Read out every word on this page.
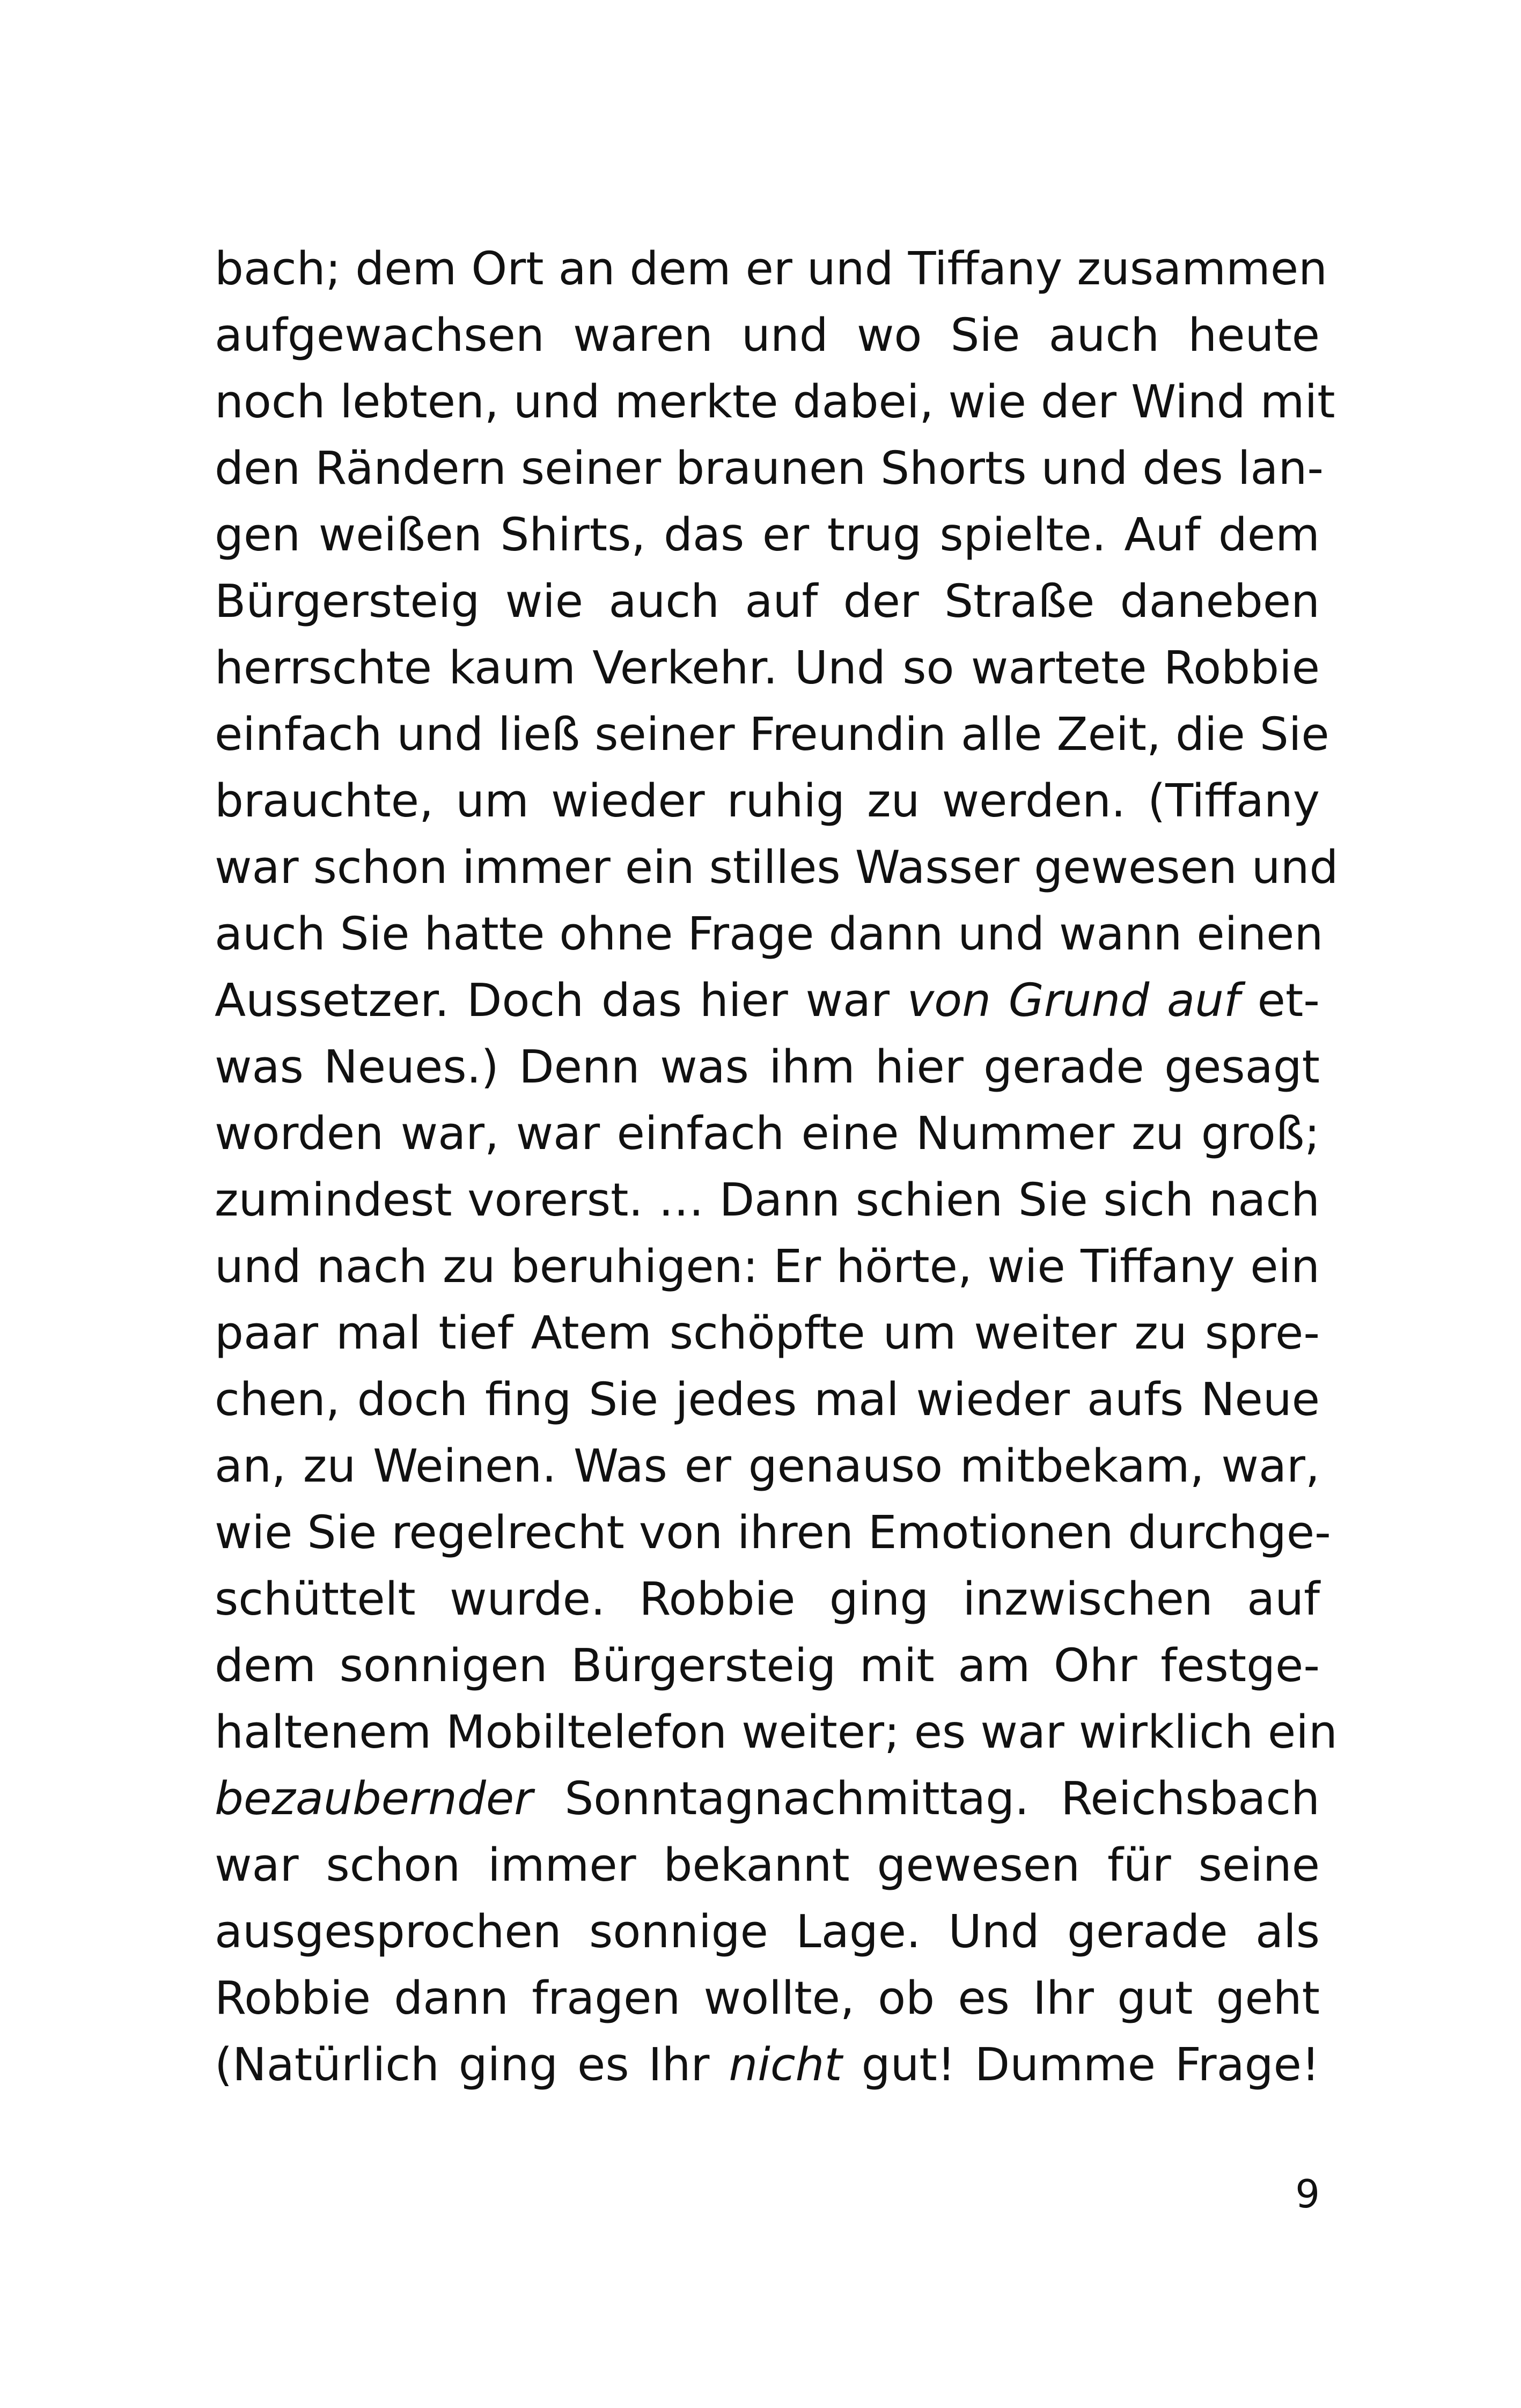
bach; dem Ort an dem er und Tiffany zusammen
aufgewachsen waren und wo Sie auch heute
noch lebten, und merkte dabei, wie der Wind mit
den Rändern seiner braunen Shorts und des lan-
gen weißen Shirts, das er trug spielte. Auf dem
Bürgersteig wie auch auf der Straße daneben
herrschte kaum Verkehr. Und so wartete Robbie
einfach und ließ seiner Freundin alle Zeit, die Sie
brauchte, um wieder ruhig zu werden. (Tiffany
war schon immer ein stilles Wasser gewesen und
auch Sie hatte ohne Frage dann und wann einen
Aussetzer. Doch das hier war von Grund auf et-
was Neues.) Denn was ihm hier gerade gesagt
worden war, war einfach eine Nummer zu groß;
zumindest vorerst. … Dann schien Sie sich nach
und nach zu beruhigen: Er hörte, wie Tiffany ein
paar mal tief Atem schöpfte um weiter zu spre-
chen, doch fing Sie jedes mal wieder aufs Neue
an, zu Weinen. Was er genauso mitbekam, war,
wie Sie regelrecht von ihren Emotionen durchge-
schüttelt wurde. Robbie ging inzwischen auf
dem sonnigen Bürgersteig mit am Ohr festge-
haltenem Mobiltelefon weiter; es war wirklich ein
bezaubernder Sonntagnachmittag. Reichsbach
war schon immer bekannt gewesen für seine
ausgesprochen sonnige Lage. Und gerade als
Robbie dann fragen wollte, ob es Ihr gut geht
(Natürlich ging es Ihr nicht gut! Dumme Frage!
9
